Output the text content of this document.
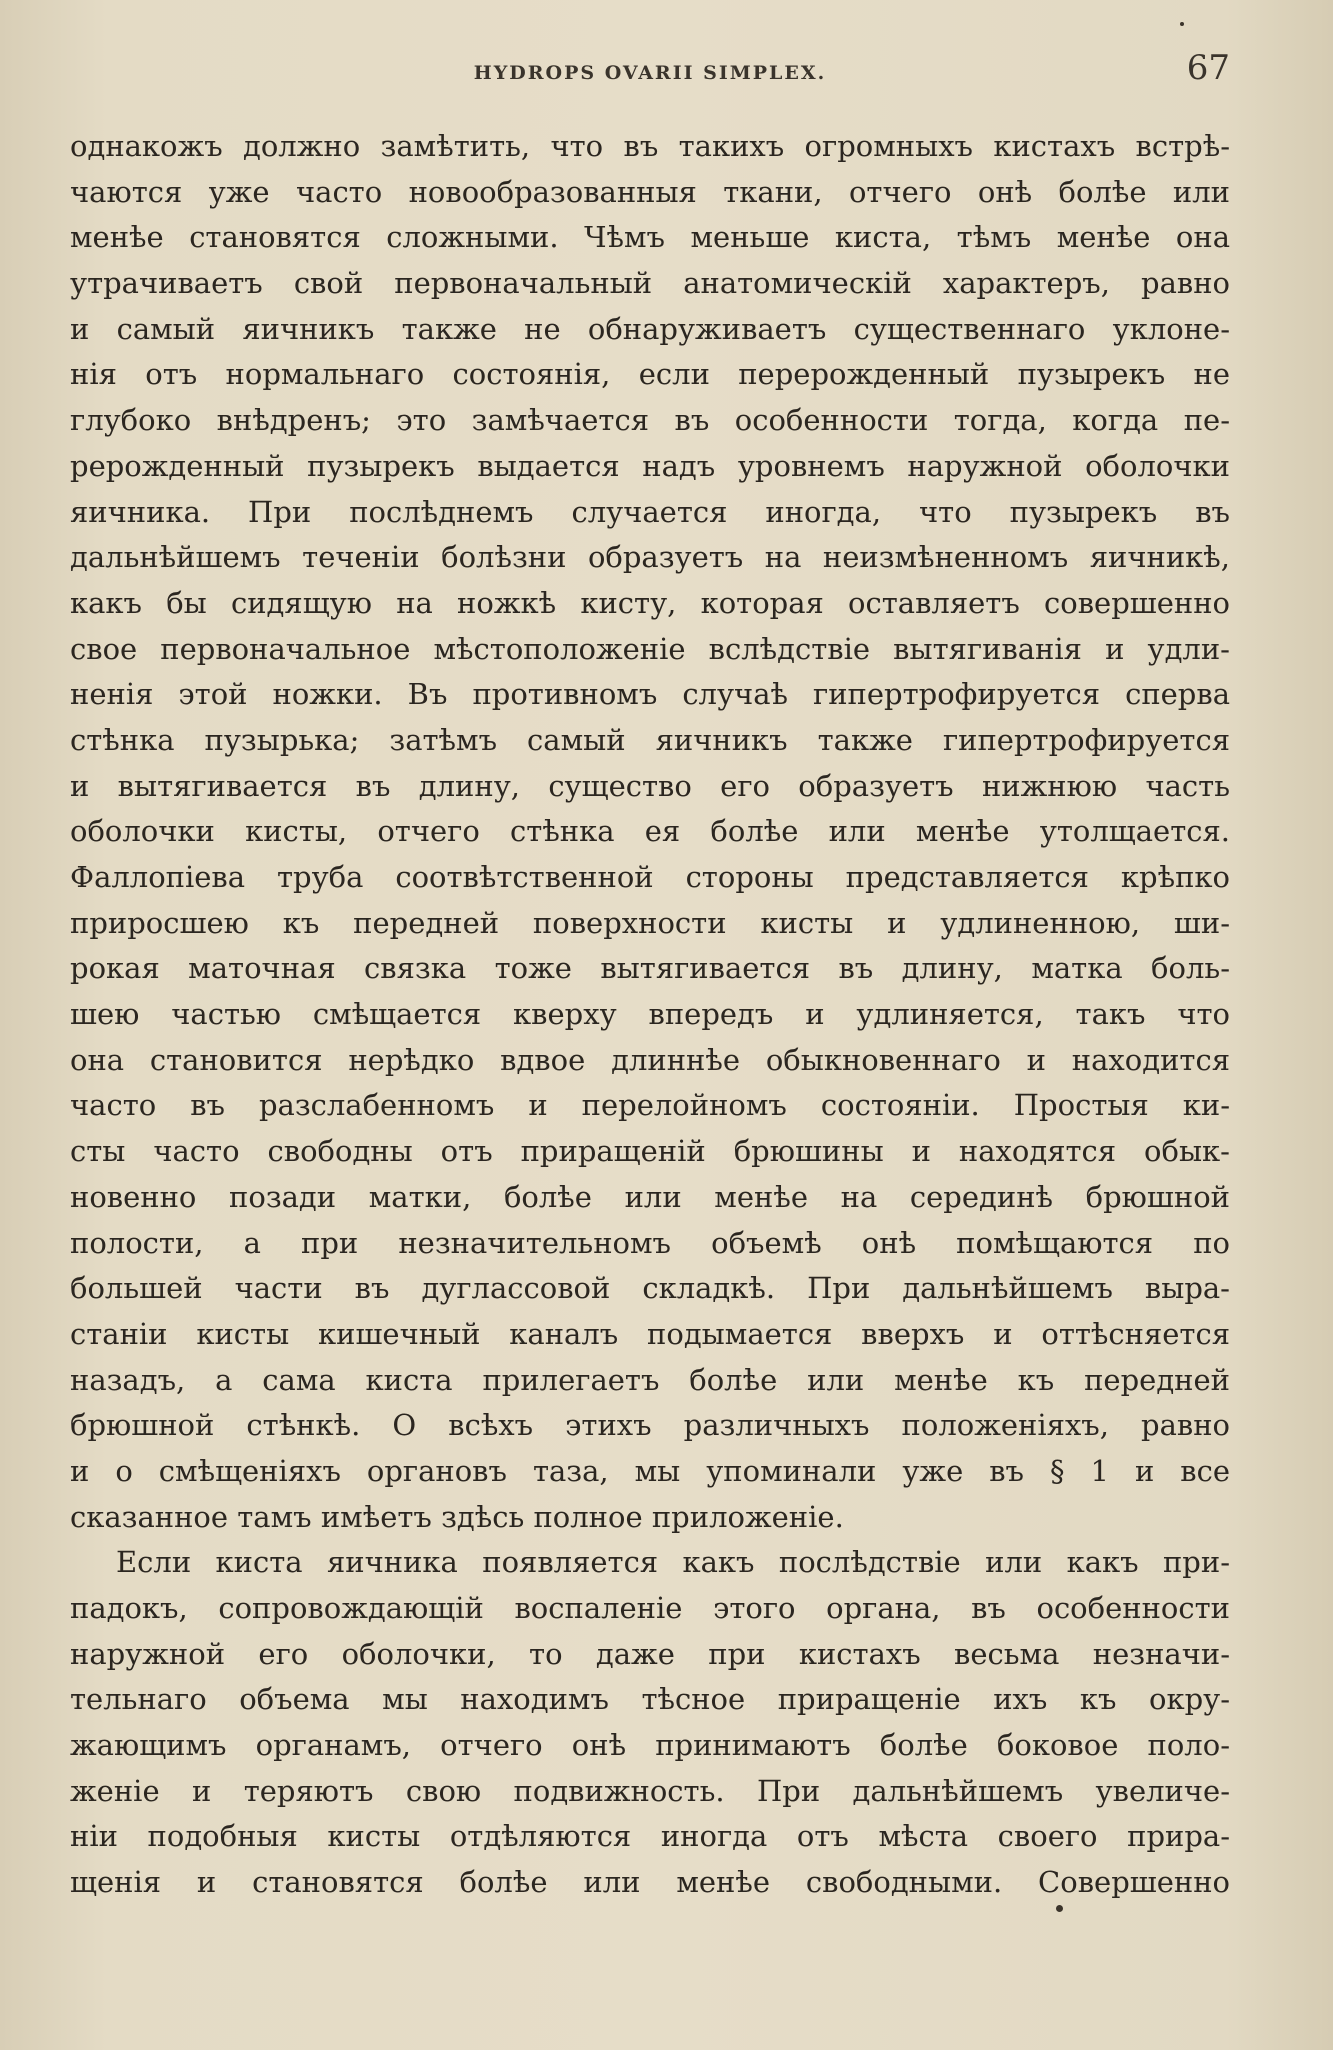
HYDROPS OVARII SIMPLEX.	67
однакожъ должно замѣтить, что въ такихъ огромныхъ кистахъ встрѣ-
чаются уже часто новообразованныя ткани, отчего онѣ болѣе или
менѣе становятся сложными. Чѣмъ меньше киста, тѣмъ менѣе она
утрачиваетъ свой первоначальный анатомическій характеръ, равно
и самый яичникъ также не обнаруживаетъ существеннаго уклоне-
нія отъ нормальнаго состоянія, если перерожденный пузырекъ не
глубоко внѣдренъ; это замѣчается въ особенности тогда, когда пе-
рерожденный пузырекъ выдается надъ уровнемъ наружной оболочки
яичника. При послѣднемъ случается иногда, что пузырекъ въ
дальнѣйшемъ теченіи болѣзни образуетъ на неизмѣненномъ яичникѣ,
какъ бы сидящую на ножкѣ кисту, которая оставляетъ совершенно
свое первоначальное мѣстоположеніе вслѣдствіе вытягиванія и удли-
ненія этой ножки. Въ противномъ случаѣ гипертрофируется сперва
стѣнка пузырька; затѣмъ самый яичникъ также гипертрофируется
и вытягивается въ длину, существо его образуетъ нижнюю часть
оболочки кисты, отчего стѣнка ея болѣе или менѣе утолщается.
Фаллопіева труба соотвѣтственной стороны представляется крѣпко
приросшею къ передней поверхности кисты и удлиненною, ши-
рокая маточная связка тоже вытягивается въ длину, матка боль-
шею частью смѣщается кверху впередъ и удлиняется, такъ что
она становится нерѣдко вдвое длиннѣе обыкновеннаго и находится
часто въ разслабенномъ и перелойномъ состояніи. Простыя ки-
сты часто свободны отъ приращеній брюшины и находятся обык-
новенно позади матки, болѣе или менѣе на серединѣ брюшной
полости, а при незначительномъ объемѣ онѣ помѣщаются по
большей части въ дугласcовой складкѣ. При дальнѣйшемъ выра-
станіи кисты кишечный каналъ подымается вверхъ и оттѣсняется
назадъ, а сама киста прилегаетъ болѣе или менѣе къ передней
брюшной стѣнкѣ. О всѣхъ этихъ различныхъ положеніяхъ, равно
и о смѣщеніяхъ органовъ таза, мы упоминали уже въ § 1 и все
сказанное тамъ имѣетъ здѣсь полное приложеніе.
Если киста яичника появляется какъ послѣдствіе или какъ при-
падокъ, сопровождающій воспаленіе этого органа, въ особенности
наружной его оболочки, то даже при кистахъ весьма незначи-
тельнаго объема мы находимъ тѣсное приращеніе ихъ къ окру-
жающимъ органамъ, отчего онѣ принимаютъ болѣе боковое поло-
женіе и теряютъ свою подвижность. При дальнѣйшемъ увеличе-
ніи подобныя кисты отдѣляются иногда отъ мѣста своего прира-
щенія и становятся болѣе или менѣе свободными. Совершенно
